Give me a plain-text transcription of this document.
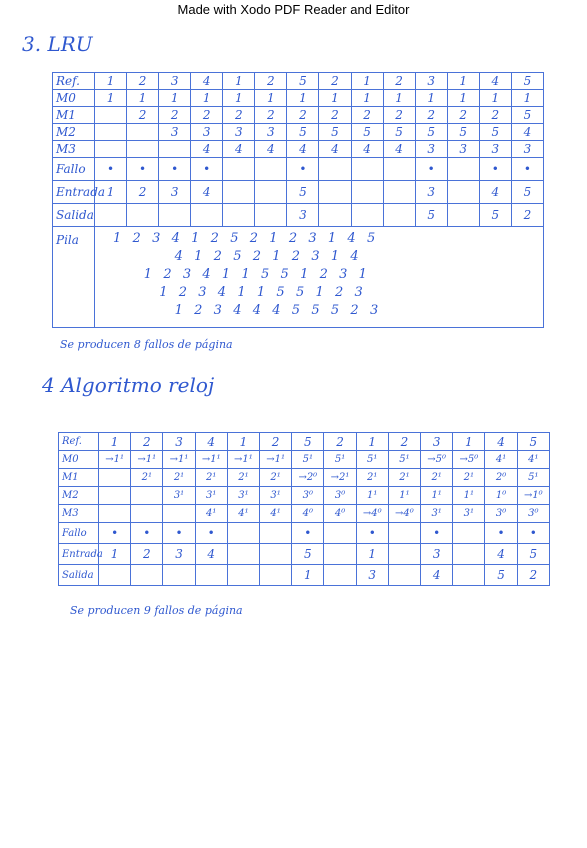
Made with Xodo PDF Reader and Editor
3. LRU
Ref.	1	2	3	4	1	2	5	2	1	2	3	1	4	5
M0	1	1	1	1	1	1	1	1	1	1	1	1	1	1
M1		2	2	2	2	2	2	2	2	2	2	2	2	5
M2			3	3	3	3	5	5	5	5	5	5	5	4
M3				4	4	4	4	4	4	4	3	3	3	3
Fallo	•	•	•	•			•				•		•	•
Entrada	1	2	3	4			5				3		4	5
Salida							3				5		5	2
Pila	1  2  3  4  1  2  5  2  1  2  3  1  4  5
4  1  2  5  2  1  2  3  1  4
1  2  3  4  1  1  5  5  1  2  3  1
1  2  3  4  1  1  5  5  1  2  3
1  2  3  4  4  4  5  5  5  2  3													
Se producen 8 fallos de página
4 Algoritmo reloj
Ref.	1	2	3	4	1	2	5	2	1	2	3	1	4	5
M0	→1¹	→1¹	→1¹	→1¹	→1¹	→1¹	5¹	5¹	5¹	5¹	→5⁰	→5⁰	4¹	4¹
M1		2¹	2¹	2¹	2¹	2¹	→2⁰	→2¹	2¹	2¹	2¹	2¹	2⁰	5¹
M2			3¹	3¹	3¹	3¹	3⁰	3⁰	1¹	1¹	1¹	1¹	1⁰	→1⁰
M3				4¹	4¹	4¹	4⁰	4⁰	→4⁰	→4⁰	3¹	3¹	3⁰	3⁰
Fallo	•	•	•	•			•		•		•		•	•
Entrada	1	2	3	4			5		1		3		4	5
Salida							1		3		4		5	2
Se producen 9 fallos de página
